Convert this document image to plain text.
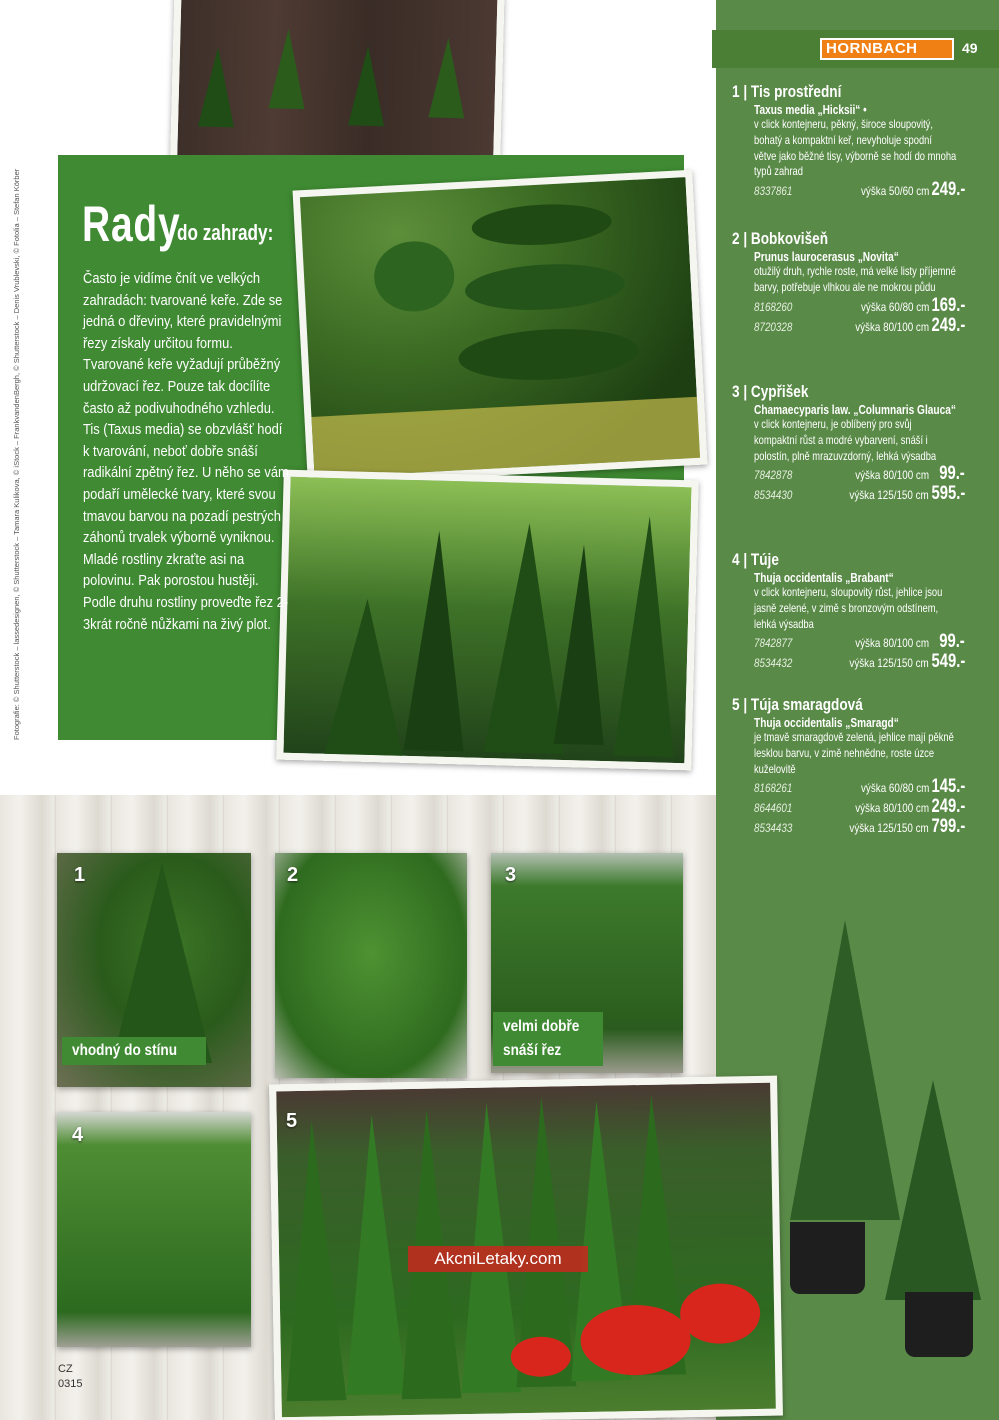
HORNBACH	49
Fotografie: © Shutterstock – lassedesignen, © Shutterstock – Tamara Kulikova, © iStock – FrankvandenBergh, © Shutterstock – Denis Vrublevski, © Fotolia – Stefan Körber Rady
do zahrady:
Často je vidíme čnít ve velkých zahradách: tvarované keře. Zde se jedná o dřeviny, které pravidelnými řezy získaly určitou formu. Tvarované keře vyžadují průběžný udržovací řez. Pouze tak docílíte často až podivuhodného vzhledu. Tis (Taxus media) se obzvlášť hodí k tvarování, neboť dobře snáší radikální zpětný řez. U něho se vám podaří umělecké tvary, které svou tmavou barvou na pozadí pestrých záhonů trvalek výborně vyniknou. Mladé rostliny zkraťte asi na polovinu. Pak porostou hustěji. Podle druhu rostliny proveďte řez 2-3krát ročně nůžkami na živý plot.
1
vhodný do stínu
2	3
velmi dobře
snáší řez
4
5
AkcniLetaky.com
CZ
0315
1 | Tis prostřední
Taxus media „Hicksii“ •
v click kontejneru, pěkný, široce sloupovitý, bohatý a kompaktní keř, nevyholuje spodní větve jako běžné tisy, výborně se hodí do mnoha typů zahrad
8337861	výška 50/60 cm 249.-
2 | Bobkovišeň
Prunus laurocerasus „Novita“
otužilý druh, rychle roste, má velké listy příjemné barvy, potřebuje vlhkou ale ne mokrou půdu
8168260	výška 60/80 cm 169.-
8720328	výška 80/100 cm 249.-
3 | Cypřišek
Chamaecyparis law. „Columnaris Glauca“
v click kontejneru, je oblíbený pro svůj kompaktní růst a modré vybarvení, snáší i polostín, plně mrazuvzdorný, lehká výsadba
7842878	výška 80/100 cm 99.-
8534430	výška 125/150 cm 595.-
4 | Túje
Thuja occidentalis „Brabant“
v click kontejneru, sloupovitý růst, jehlice jsou jasně zelené, v zimě s bronzovým odstínem, lehká výsadba
7842877	výška 80/100 cm 99.-
8534432	výška 125/150 cm 549.-
5 | Túja smaragdová
Thuja occidentalis „Smaragd“
je tmavě smaragdově zelená, jehlice mají pěkně lesklou barvu, v zimě nehnědne, roste úzce kuželovitě
8168261	výška 60/80 cm 145.-
8644601	výška 80/100 cm 249.-
8534433	výška 125/150 cm 799.-
